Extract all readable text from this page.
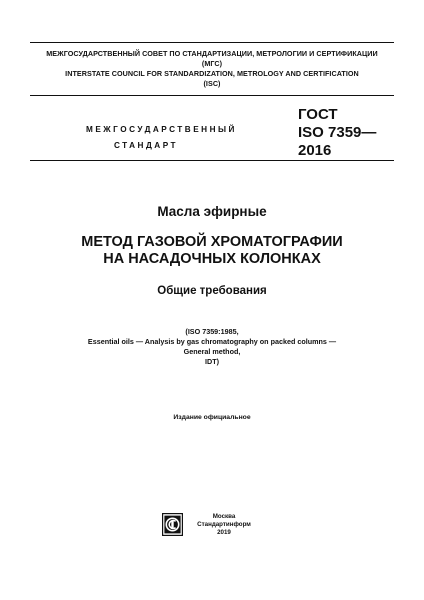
МЕЖГОСУДАРСТВЕННЫЙ СОВЕТ ПО СТАНДАРТИЗАЦИИ, МЕТРОЛОГИИ И СЕРТИФИКАЦИИ
(МГС)
INTERSTATE COUNCIL FOR STANDARDIZATION, METROLOGY AND CERTIFICATION
(ISC)
МЕЖГОСУДАРСТВЕННЫЙ
СТАНДАРТ
ГОСТ
ISO 7359—
2016
Масла эфирные
МЕТОД ГАЗОВОЙ ХРОМАТОГРАФИИ
НА НАСАДОЧНЫХ КОЛОНКАХ
Общие требования
(ISO 7359:1985,
Essential oils — Analysis by gas chromatography on packed columns —
General method,
IDT)
Издание официальное
Москва
Стандартинформ
2019
